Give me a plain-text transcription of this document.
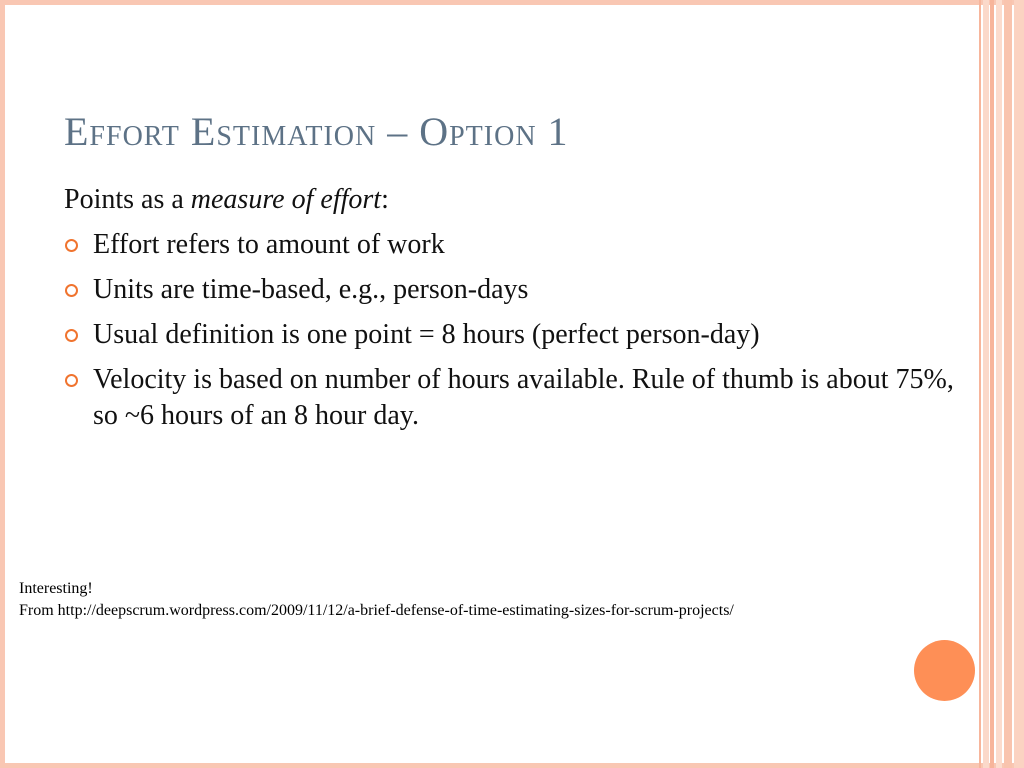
Effort Estimation – Option 1

Points as a measure of effort:

Effort refers to amount of work
Units are time-based, e.g., person-days
Usual definition is one point = 8 hours (perfect person-day)
Velocity is based on number of hours available. Rule of thumb is about 75%, so ~6 hours of an 8 hour day.
Interesting!
From http://deepscrum.wordpress.com/2009/11/12/a-brief-defense-of-time-estimating-sizes-for-scrum-projects/
